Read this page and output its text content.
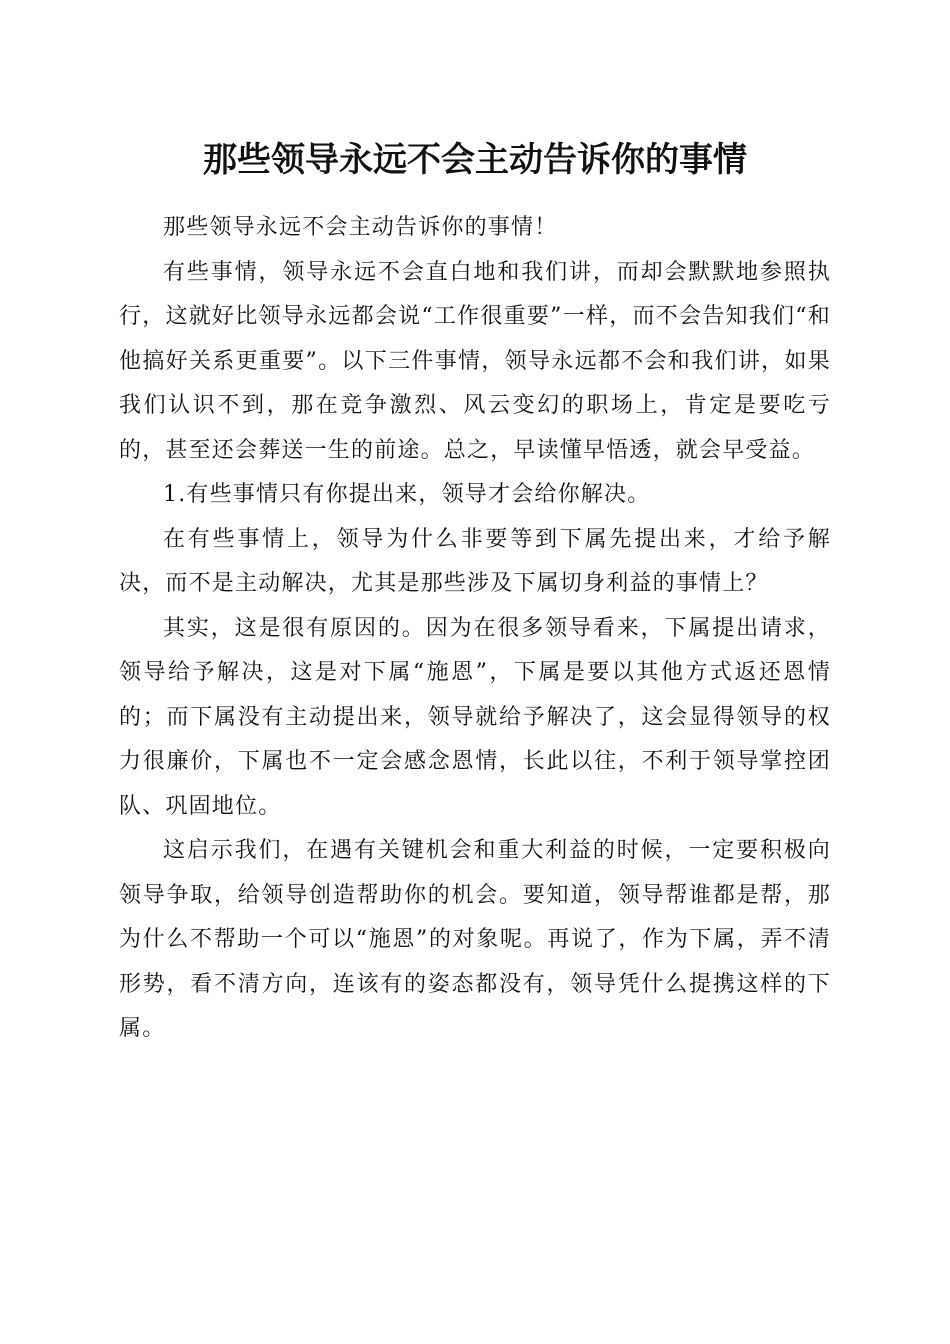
那些领导永远不会主动告诉你的事情

那些领导永远不会主动告诉你的事情！

有些事情，领导永远不会直白地和我们讲，而却会默默地参照执行，这就好比领导永远都会说“工作很重要”一样，而不会告知我们“和他搞好关系更重要”。以下三件事情，领导永远都不会和我们讲，如果我们认识不到，那在竞争激烈、风云变幻的职场上，肯定是要吃亏的，甚至还会葬送一生的前途。总之，早读懂早悟透，就会早受益。

1.有些事情只有你提出来，领导才会给你解决。

在有些事情上，领导为什么非要等到下属先提出来，才给予解决，而不是主动解决，尤其是那些涉及下属切身利益的事情上？

其实，这是很有原因的。因为在很多领导看来，下属提出请求，领导给予解决，这是对下属“施恩”，下属是要以其他方式返还恩情的；而下属没有主动提出来，领导就给予解决了，这会显得领导的权力很廉价，下属也不一定会感念恩情，长此以往，不利于领导掌控团队、巩固地位。

这启示我们，在遇有关键机会和重大利益的时候，一定要积极向领导争取，给领导创造帮助你的机会。要知道，领导帮谁都是帮，那为什么不帮助一个可以“施恩”的对象呢。再说了，作为下属，弄不清形势，看不清方向，连该有的姿态都没有，领导凭什么提携这样的下属。
